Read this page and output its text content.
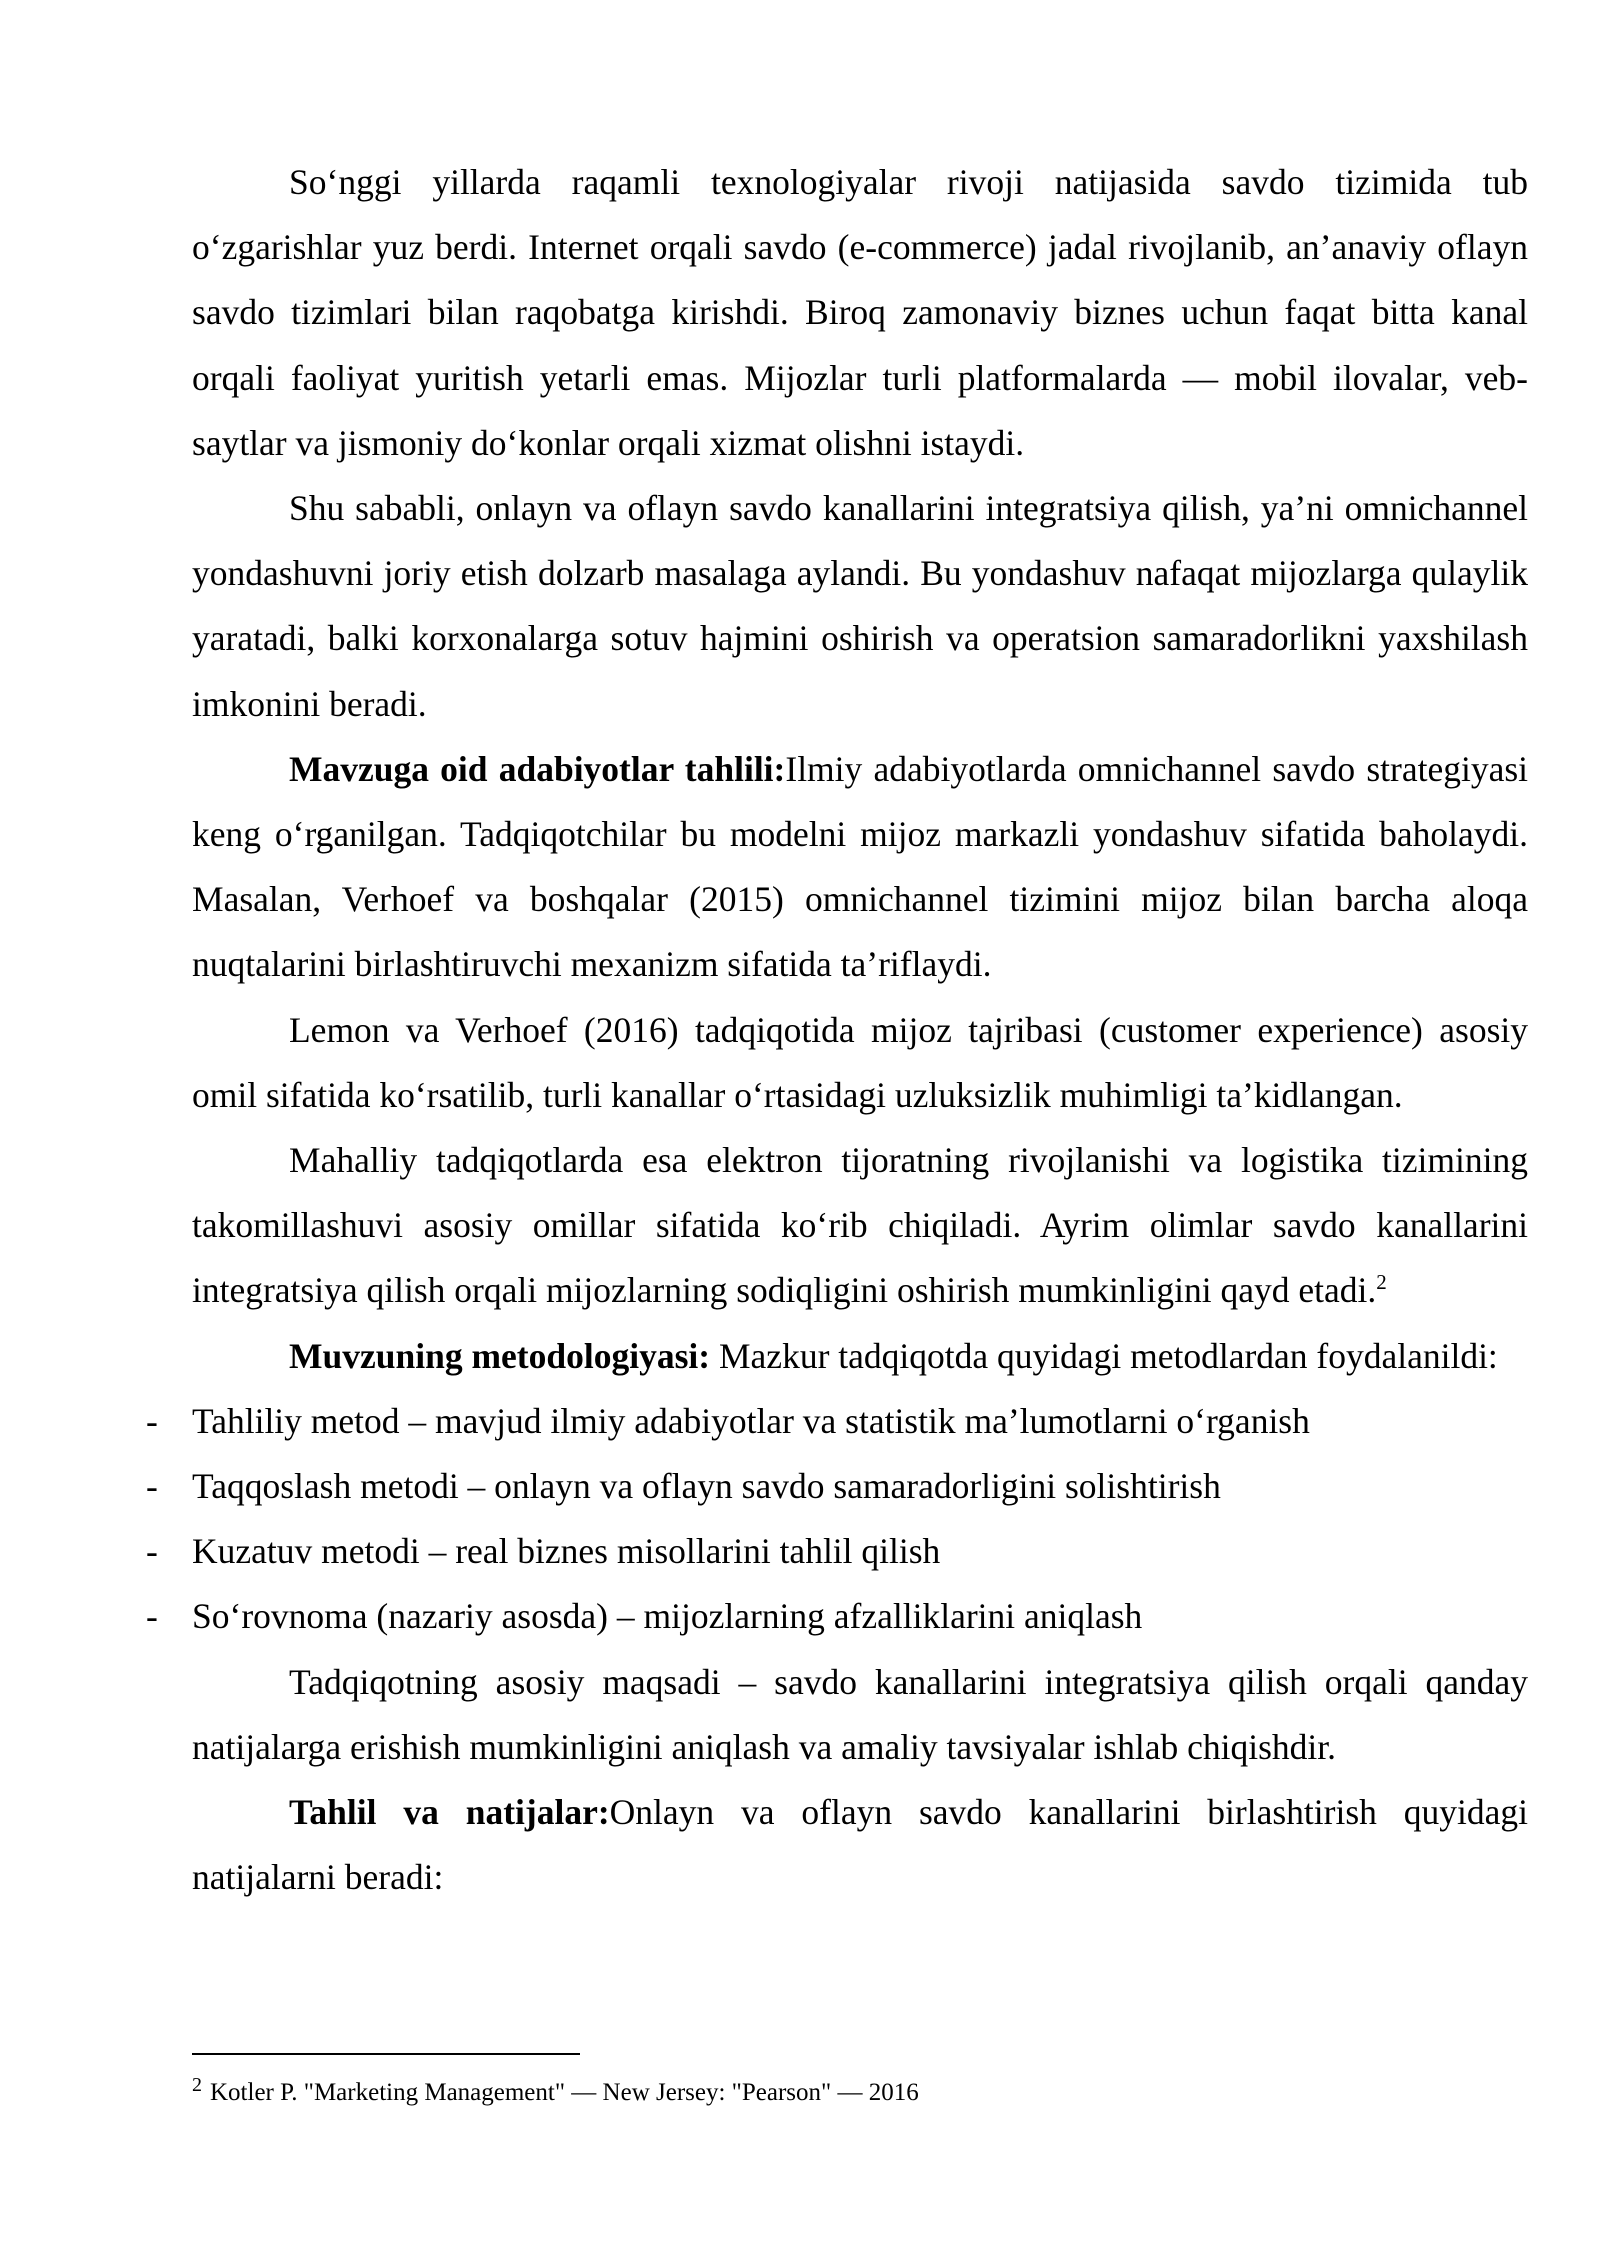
So‘nggi yillarda raqamli texnologiyalar rivoji natijasida savdo tizimida tub o‘zgarishlar yuz berdi. Internet orqali savdo (e-commerce) jadal rivojlanib, an’anaviy oflayn savdo tizimlari bilan raqobatga kirishdi. Biroq zamonaviy biznes uchun faqat bitta kanal orqali faoliyat yuritish yetarli emas. Mijozlar turli platformalarda — mobil ilovalar, veb-saytlar va jismoniy do‘konlar orqali xizmat olishni istaydi.

Shu sababli, onlayn va oflayn savdo kanallarini integratsiya qilish, ya’ni omnichannel yondashuvni joriy etish dolzarb masalaga aylandi. Bu yondashuv nafaqat mijozlarga qulaylik yaratadi, balki korxonalarga sotuv hajmini oshirish va operatsion samaradorlikni yaxshilash imkonini beradi.

Mavzuga oid adabiyotlar tahlili:Ilmiy adabiyotlarda omnichannel savdo strategiyasi keng o‘rganilgan. Tadqiqotchilar bu modelni mijoz markazli yondashuv sifatida baholaydi. Masalan, Verhoef va boshqalar (2015) omnichannel tizimini mijoz bilan barcha aloqa nuqtalarini birlashtiruvchi mexanizm sifatida ta’riflaydi.

Lemon va Verhoef (2016) tadqiqotida mijoz tajribasi (customer experience) asosiy omil sifatida ko‘rsatilib, turli kanallar o‘rtasidagi uzluksizlik muhimligi ta’kidlangan.

Mahalliy tadqiqotlarda esa elektron tijoratning rivojlanishi va logistika tizimining takomillashuvi asosiy omillar sifatida ko‘rib chiqiladi. Ayrim olimlar savdo kanallarini integratsiya qilish orqali mijozlarning sodiqligini oshirish mumkinligini qayd etadi.$^2$

Muvzuning metodologiyasi: Mazkur tadqiqotda quyidagi metodlardan foydalanildi:

- Tahliliy metod – mavjud ilmiy adabiyotlar va statistik ma’lumotlarni o‘rganish
- Taqqoslash metodi – onlayn va oflayn savdo samaradorligini solishtirish
- Kuzatuv metodi – real biznes misollarini tahlil qilish
- So‘rovnoma (nazariy asosda) – mijozlarning afzalliklarini aniqlash

Tadqiqotning asosiy maqsadi – savdo kanallarini integratsiya qilish orqali qanday natijalarga erishish mumkinligini aniqlash va amaliy tavsiyalar ishlab chiqishdir.

Tahlil va natijalar:Onlayn va oflayn savdo kanallarini birlashtirish quyidagi natijalarni beradi:

$^2$ Kotler P. "Marketing Management" — New Jersey: "Pearson" — 2016
